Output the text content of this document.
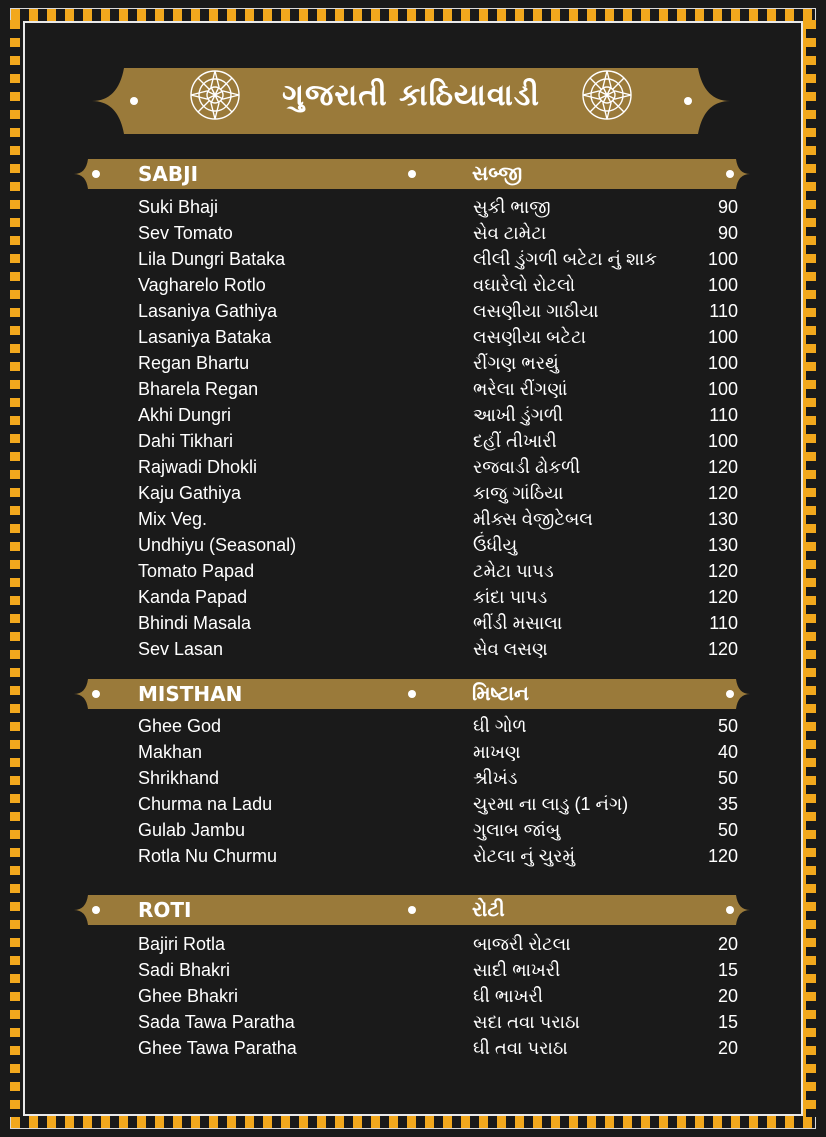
ગુજરાતી કાઠિયાવાડી
SABJI	સબ્જી
Suki Bhaji	સુકી ભાજી	90
Sev Tomato	સેવ ટામેટા	90
Lila Dungri Bataka	લીલી ડુંગળી બટેટા નું શાક	100
Vagharelo Rotlo	વઘારેલો રોટલો	100
Lasaniya Gathiya	લસણીયા ગાઠીયા	110
Lasaniya Bataka	લસણીયા બટેટા	100
Regan Bhartu	રીંગણ ભરથું	100
Bharela Regan	ભરેલા રીંગણાં	100
Akhi Dungri	આખી ડુંગળી	110
Dahi Tikhari	દહીં તીખારી	100
Rajwadi Dhokli	રજવાડી ઢોકળી	120
Kaju Gathiya	કાજુ ગાંઠિયા	120
Mix Veg.	મીક્સ વેજીટેબલ	130
Undhiyu (Seasonal)	ઉંધીયુ	130
Tomato Papad	ટમેટા પાપડ	120
Kanda Papad	કાંદા પાપડ	120
Bhindi Masala	ભીંડી મસાલા	110
Sev Lasan	સેવ લસણ	120
MISTHAN	મિષ્ટાન
Ghee God	ઘી ગોળ	50
Makhan	માખણ	40
Shrikhand	શ્રીખંડ	50
Churma na Ladu	ચુરમા ના લાડુ (1 નંગ)	35
Gulab Jambu	ગુલાબ જાંબુ	50
Rotla Nu Churmu	રોટલા નું ચુરમું	120
ROTI	રોટી
Bajiri Rotla	બાજરી રોટલા	20
Sadi Bhakri	સાદી ભાખરી	15
Ghee Bhakri	ઘી ભાખરી	20
Sada Tawa Paratha	સદા તવા પરાઠા	15
Ghee Tawa Paratha	ઘી તવા પરાઠા	20
